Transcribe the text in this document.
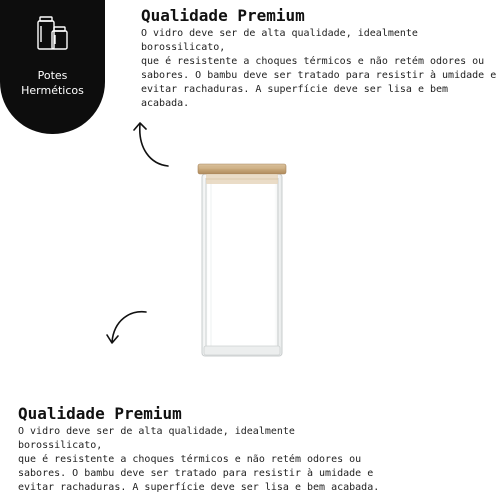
Potes
Herméticos
Qualidade Premium

O vidro deve ser de alta qualidade, idealmente borossilicato,
que é resistente a choques térmicos e não retém odores ou
sabores. O bambu deve ser tratado para resistir à umidade e
evitar rachaduras. A superfície deve ser lisa e bem acabada.

Qualidade Premium

O vidro deve ser de alta qualidade, idealmente borossilicato,
que é resistente a choques térmicos e não retém odores ou
sabores. O bambu deve ser tratado para resistir à umidade e
evitar rachaduras. A superfície deve ser lisa e bem acabada.
